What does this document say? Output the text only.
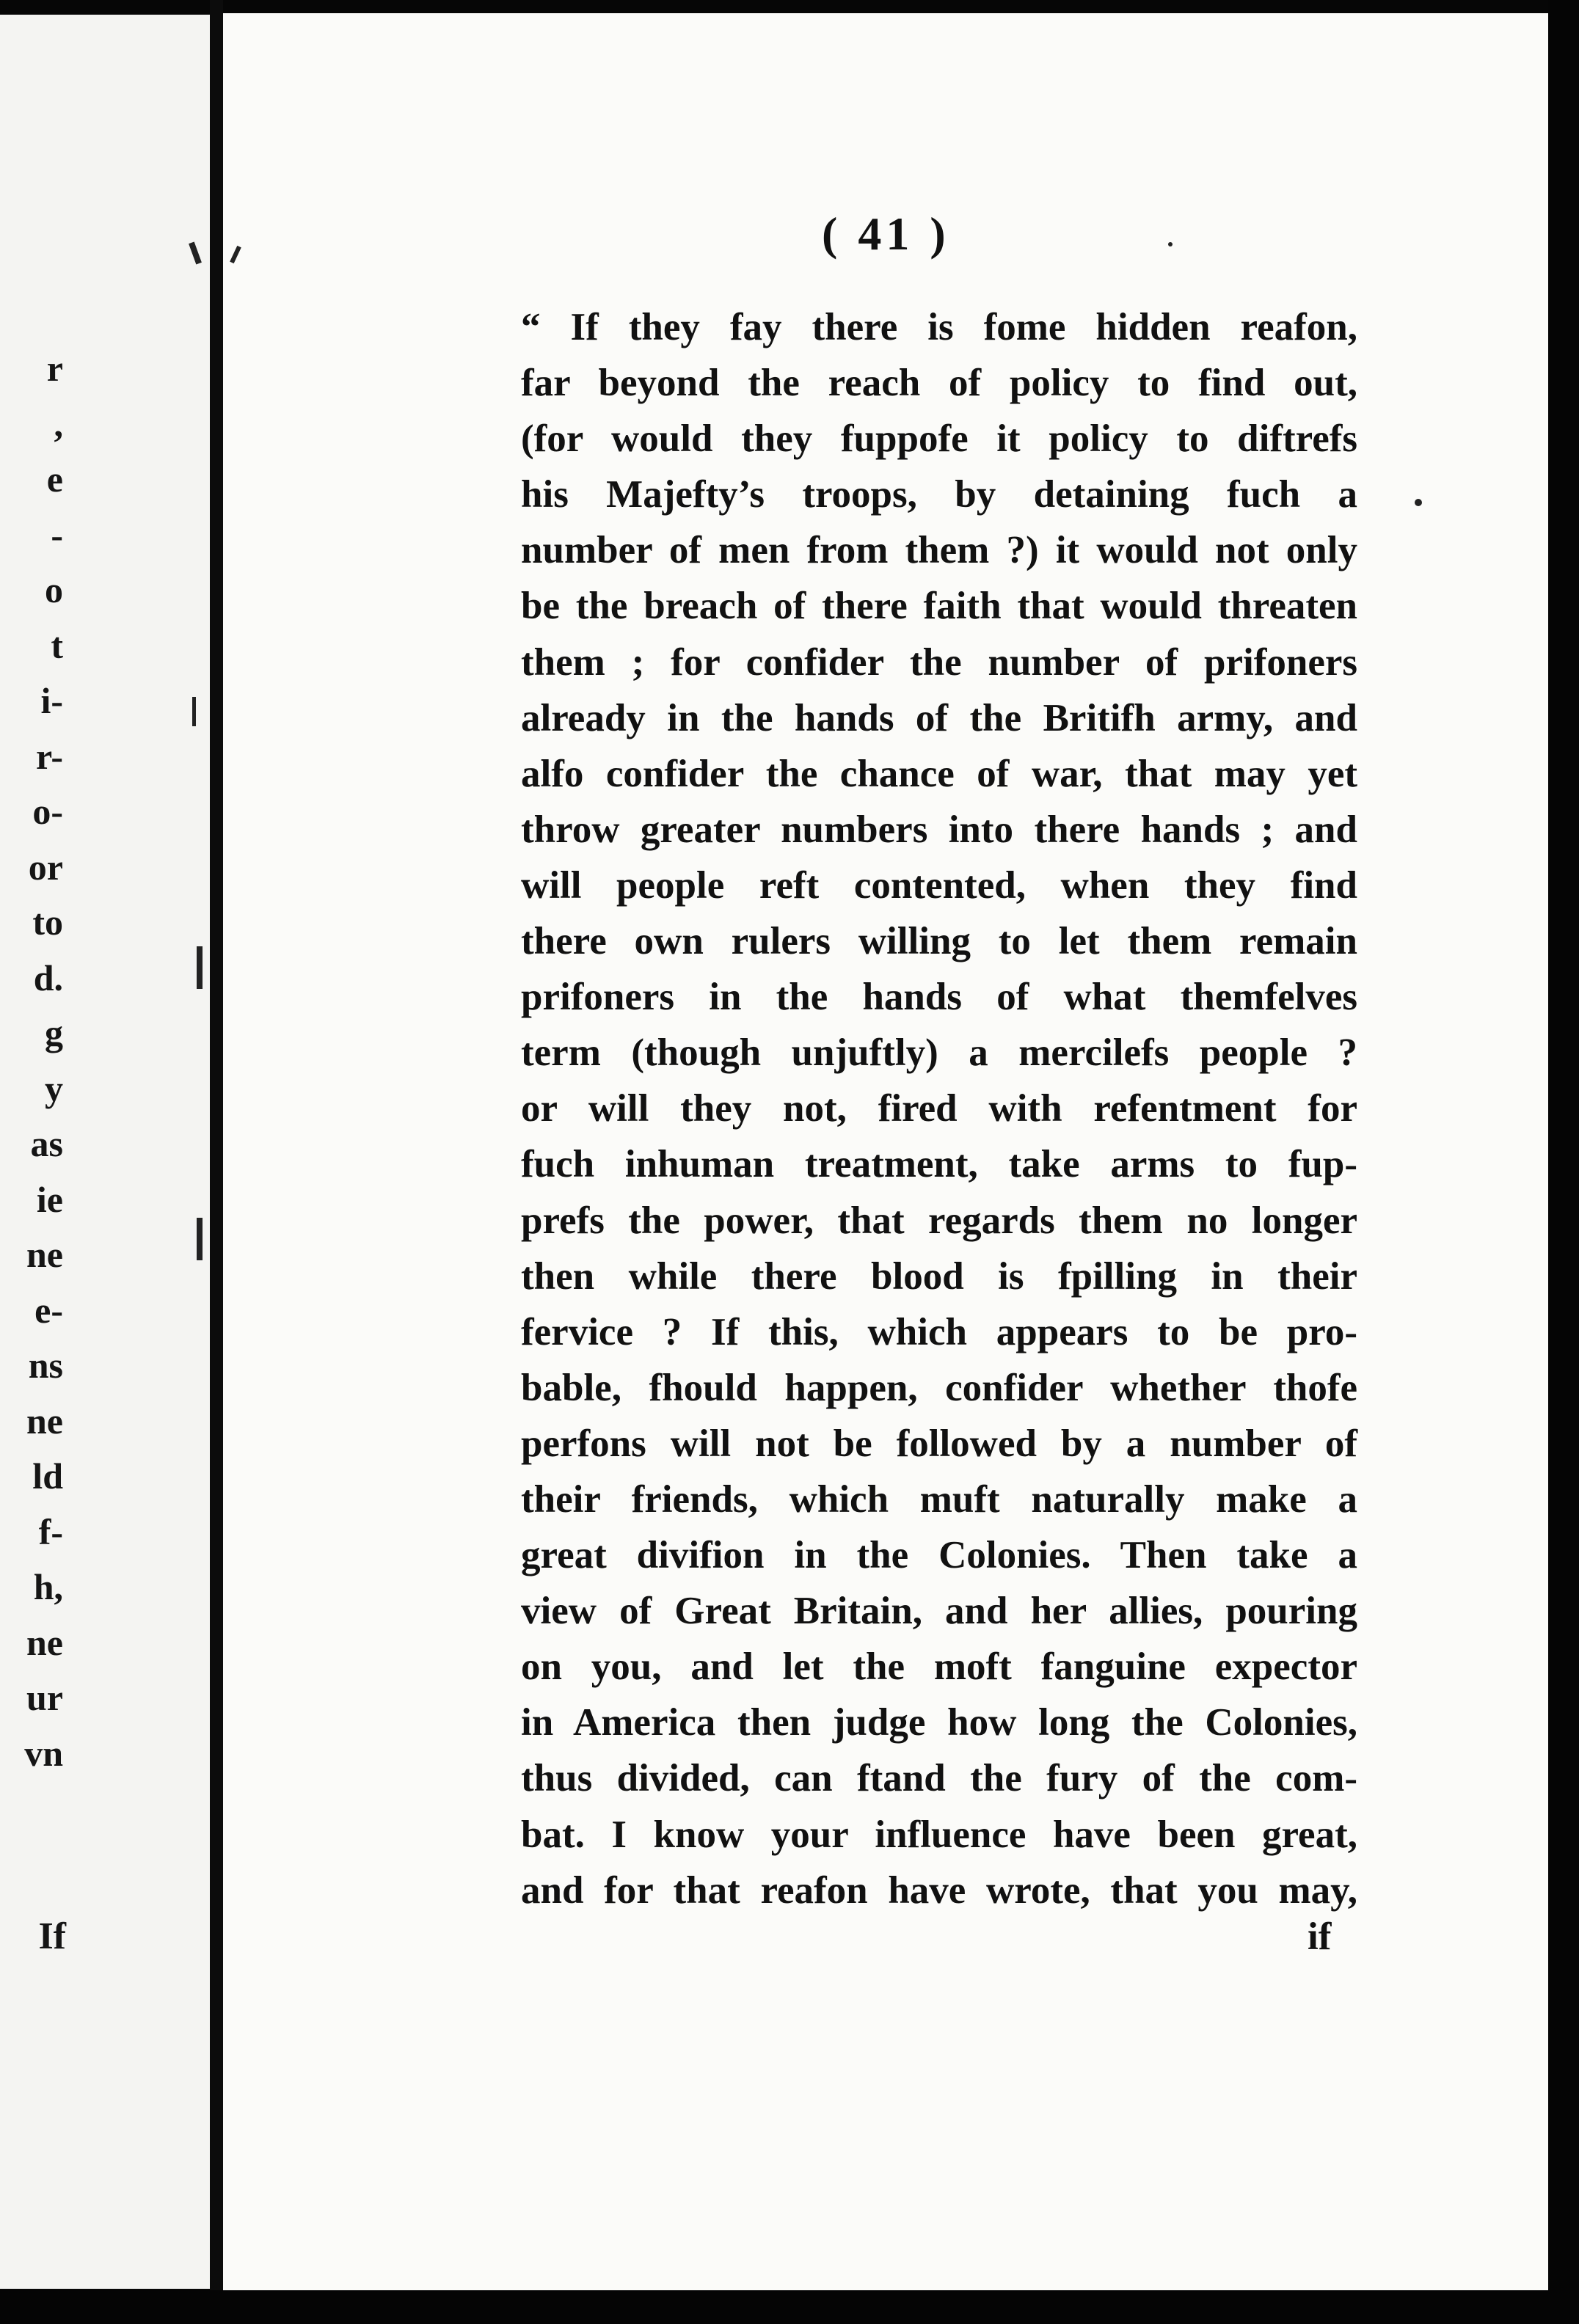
r
,
e
-
o
t
i-
r-
o-
or
to
d.
g
y
as
ie
ne
e-
ns
ne
ld
f-
h,
ne
ur
vn
If
( 41 )
“ If they fay there is fome hidden reafon,
far beyond the reach of policy to find out,
(for would they fuppofe it policy to diftrefs
his Majefty’s troops, by detaining fuch a
number of men from them ?) it would not only
be the breach of there faith that would threaten
them ; for confider the number of prifoners
already in the hands of the Britifh army, and
alfo confider the chance of war, that may yet
throw greater numbers into there hands ; and
will people reft contented, when they find
there own rulers willing to let them remain
prifoners in the hands of what themfelves
term (though unjuftly) a mercilefs people ?
or will they not, fired with refentment for
fuch inhuman treatment, take arms to fup-
prefs the power, that regards them no longer
then while there blood is fpilling in their
fervice ? If this, which appears to be pro-
bable, fhould happen, confider whether thofe
perfons will not be followed by a number of
their friends, which muft naturally make a
great divifion in the Colonies. Then take a
view of Great Britain, and her allies, pouring
on you, and let the moft fanguine expector
in America then judge how long the Colonies,
thus divided, can ftand the fury of the com-
bat. I know your influence have been great,
and for that reafon have wrote, that you may,
if
